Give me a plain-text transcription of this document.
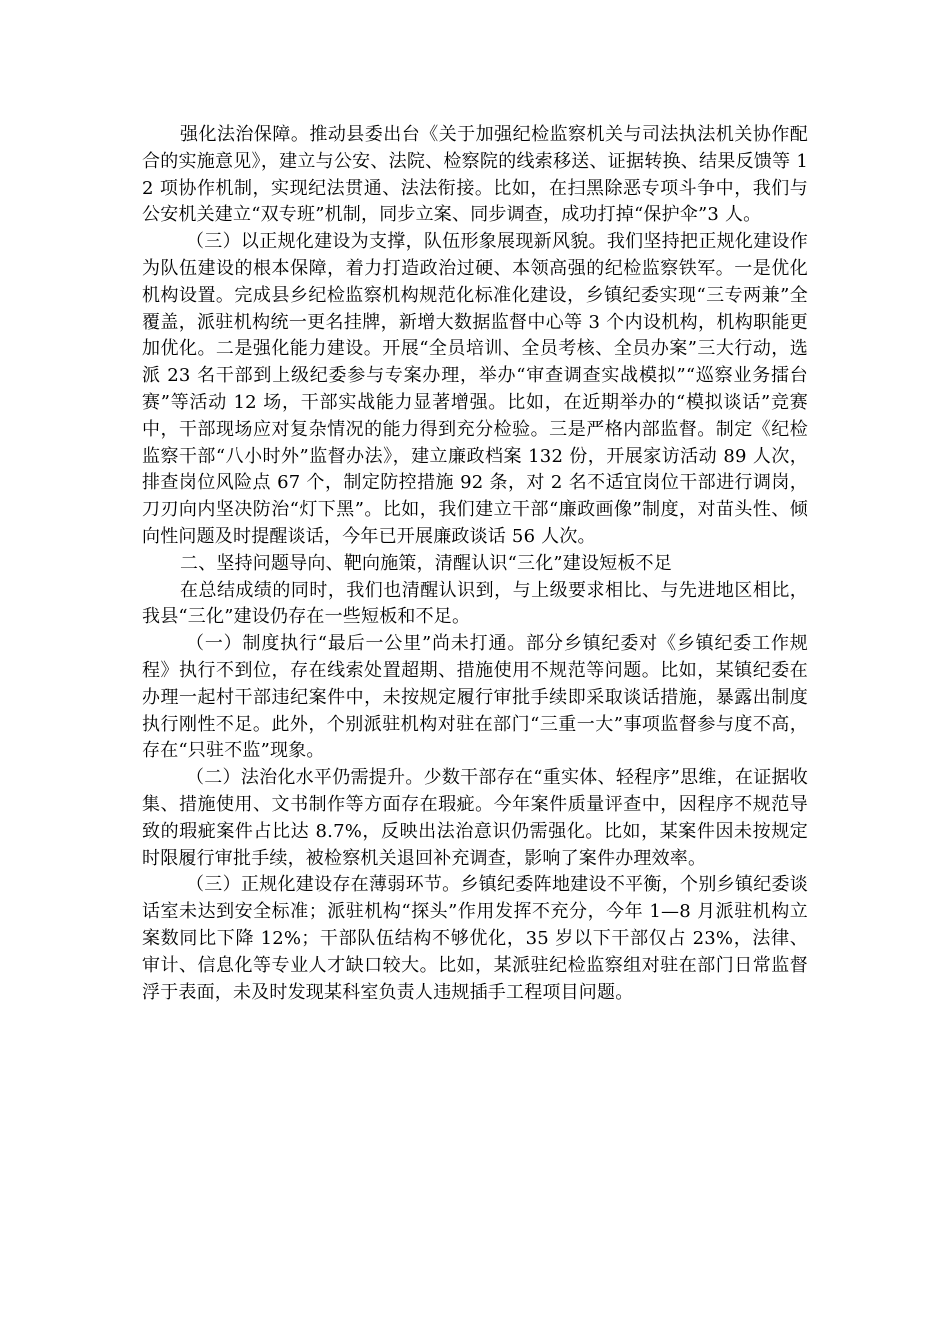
强化法治保障。推动县委出台《关于加强纪检监察机关与司法执法机关协作配合的实施意见》，建立与公安、法院、检察院的线索移送、证据转换、结果反馈等 12 项协作机制，实现纪法贯通、法法衔接。比如，在扫黑除恶专项斗争中，我们与公安机关建立“双专班”机制，同步立案、同步调查，成功打掉“保护伞”3 人。

（三）以正规化建设为支撑，队伍形象展现新风貌。我们坚持把正规化建设作为队伍建设的根本保障，着力打造政治过硬、本领高强的纪检监察铁军。一是优化机构设置。完成县乡纪检监察机构规范化标准化建设，乡镇纪委实现“三专两兼”全覆盖，派驻机构统一更名挂牌，新增大数据监督中心等 3 个内设机构，机构职能更加优化。二是强化能力建设。开展“全员培训、全员考核、全员办案”三大行动，选派 23 名干部到上级纪委参与专案办理，举办“审查调查实战模拟”“巡察业务擂台赛”等活动 12 场，干部实战能力显著增强。比如，在近期举办的“模拟谈话”竞赛中，干部现场应对复杂情况的能力得到充分检验。三是严格内部监督。制定《纪检监察干部“八小时外”监督办法》，建立廉政档案 132 份，开展家访活动 89 人次，排查岗位风险点 67 个，制定防控措施 92 条，对 2 名不适宜岗位干部进行调岗，刀刃向内坚决防治“灯下黑”。比如，我们建立干部“廉政画像”制度，对苗头性、倾向性问题及时提醒谈话，今年已开展廉政谈话 56 人次。

二、坚持问题导向、靶向施策，清醒认识“三化”建设短板不足

在总结成绩的同时，我们也清醒认识到，与上级要求相比、与先进地区相比，我县“三化”建设仍存在一些短板和不足。

（一）制度执行“最后一公里”尚未打通。部分乡镇纪委对《乡镇纪委工作规程》执行不到位，存在线索处置超期、措施使用不规范等问题。比如，某镇纪委在办理一起村干部违纪案件中，未按规定履行审批手续即采取谈话措施，暴露出制度执行刚性不足。此外，个别派驻机构对驻在部门“三重一大”事项监督参与度不高，存在“只驻不监”现象。

（二）法治化水平仍需提升。少数干部存在“重实体、轻程序”思维，在证据收集、措施使用、文书制作等方面存在瑕疵。今年案件质量评查中，因程序不规范导致的瑕疵案件占比达 8.7%，反映出法治意识仍需强化。比如，某案件因未按规定时限履行审批手续，被检察机关退回补充调查，影响了案件办理效率。

（三）正规化建设存在薄弱环节。乡镇纪委阵地建设不平衡，个别乡镇纪委谈话室未达到安全标准；派驻机构“探头”作用发挥不充分，今年 1—8 月派驻机构立案数同比下降 12%；干部队伍结构不够优化，35 岁以下干部仅占 23%，法律、审计、信息化等专业人才缺口较大。比如，某派驻纪检监察组对驻在部门日常监督浮于表面，未及时发现某科室负责人违规插手工程项目问题。
